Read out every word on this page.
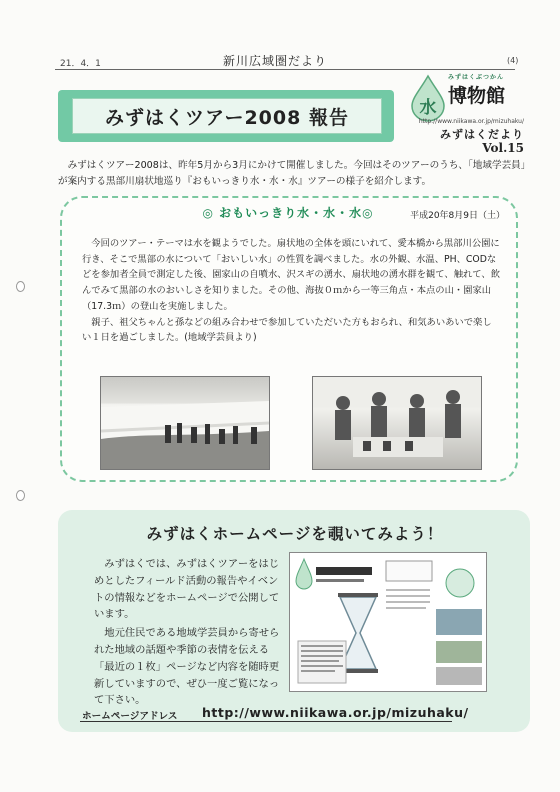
21．4．1	新川広域圏だより	(4)
みずはくツアー2008 報告	水
みずはくぶつかん
博物館
http://www.niikawa.or.jp/mizuhaku/
みずはくだより
Vol.15

みずはくツアー2008は、昨年5月から3月にかけて開催しました。今回はそのツアーのうち、「地域学芸員」が案内する黒部川扇状地巡り『おもいっきり水・水・水』ツアーの様子を紹介します。

◎ おもいっきり水・水・水◎	平成20年8月9日（土）

今回のツアー・テーマは水を観ようでした。扇状地の全体を頭にいれて、愛本橋から黒部川公園に行き、そこで黒部の水について「おいしい水」の性質を調べました。水の外観、水温、PH、CODなどを参加者全員で測定した後、園家山の自噴水、沢スギの湧水、扇状地の湧水群を観て、触れて、飲んでみて黒部の水のおいしさを知りました。その他、海抜０ｍから一等三角点・本点の山・園家山（17.3ｍ）の登山を実施しました。

親子、祖父ちゃんと孫などの組み合わせで参加していただいた方もおられ、和気あいあいで楽しい１日を過ごしました。(地域学芸員より)

みずはくホームページを覗いてみよう！

みずはくでは、みずはくツアーをはじめとしたフィールド活動の報告やイベントの情報などをホームページで公開しています。

地元住民である地域学芸員から寄せられた地域の話題や季節の表情を伝える「最近の１枚」ページなど内容を随時更新していますので、ぜひ一度ご覧になって下さい。

ホームページアドレス http://www.niikawa.or.jp/mizuhaku/
